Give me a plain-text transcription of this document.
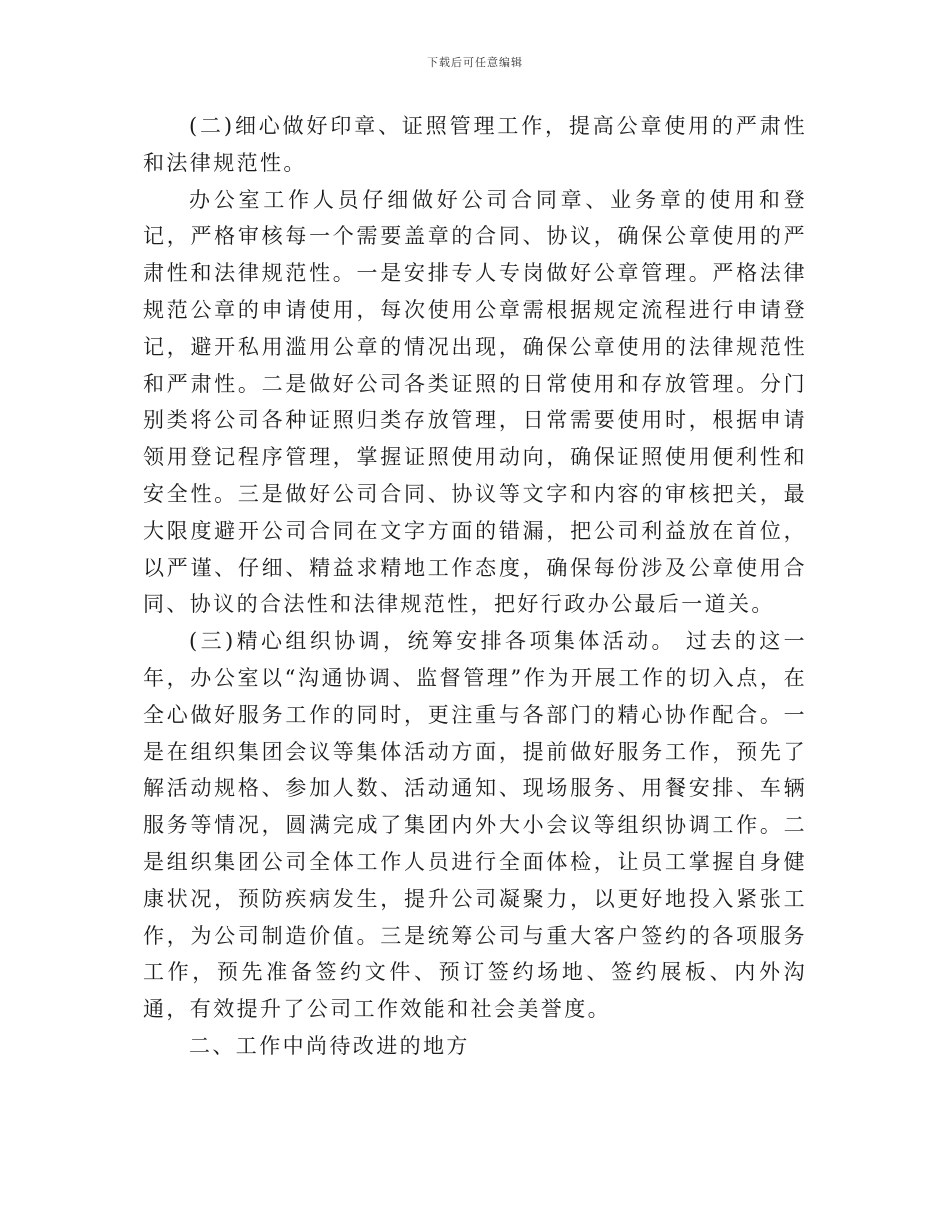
下载后可任意编辑

(二)细心做好印章、证照管理工作，提高公章使用的严肃性和法律规范性。

办公室工作人员仔细做好公司合同章、业务章的使用和登记，严格审核每一个需要盖章的合同、协议，确保公章使用的严肃性和法律规范性。一是安排专人专岗做好公章管理。严格法律规范公章的申请使用，每次使用公章需根据规定流程进行申请登记，避开私用滥用公章的情况出现，确保公章使用的法律规范性和严肃性。二是做好公司各类证照的日常使用和存放管理。分门别类将公司各种证照归类存放管理，日常需要使用时，根据申请领用登记程序管理，掌握证照使用动向，确保证照使用便利性和安全性。三是做好公司合同、协议等文字和内容的审核把关，最大限度避开公司合同在文字方面的错漏，把公司利益放在首位，以严谨、仔细、精益求精地工作态度，确保每份涉及公章使用合同、协议的合法性和法律规范性，把好行政办公最后一道关。

(三)精心组织协调，统筹安排各项集体活动。 过去的这一年，办公室以“沟通协调、监督管理”作为开展工作的切入点，在全心做好服务工作的同时，更注重与各部门的精心协作配合。一是在组织集团会议等集体活动方面，提前做好服务工作，预先了解活动规格、参加人数、活动通知、现场服务、用餐安排、车辆服务等情况，圆满完成了集团内外大小会议等组织协调工作。二是组织集团公司全体工作人员进行全面体检，让员工掌握自身健康状况，预防疾病发生，提升公司凝聚力，以更好地投入紧张工作，为公司制造价值。三是统筹公司与重大客户签约的各项服务工作，预先准备签约文件、预订签约场地、签约展板、内外沟通，有效提升了公司工作效能和社会美誉度。

二、工作中尚待改进的地方
